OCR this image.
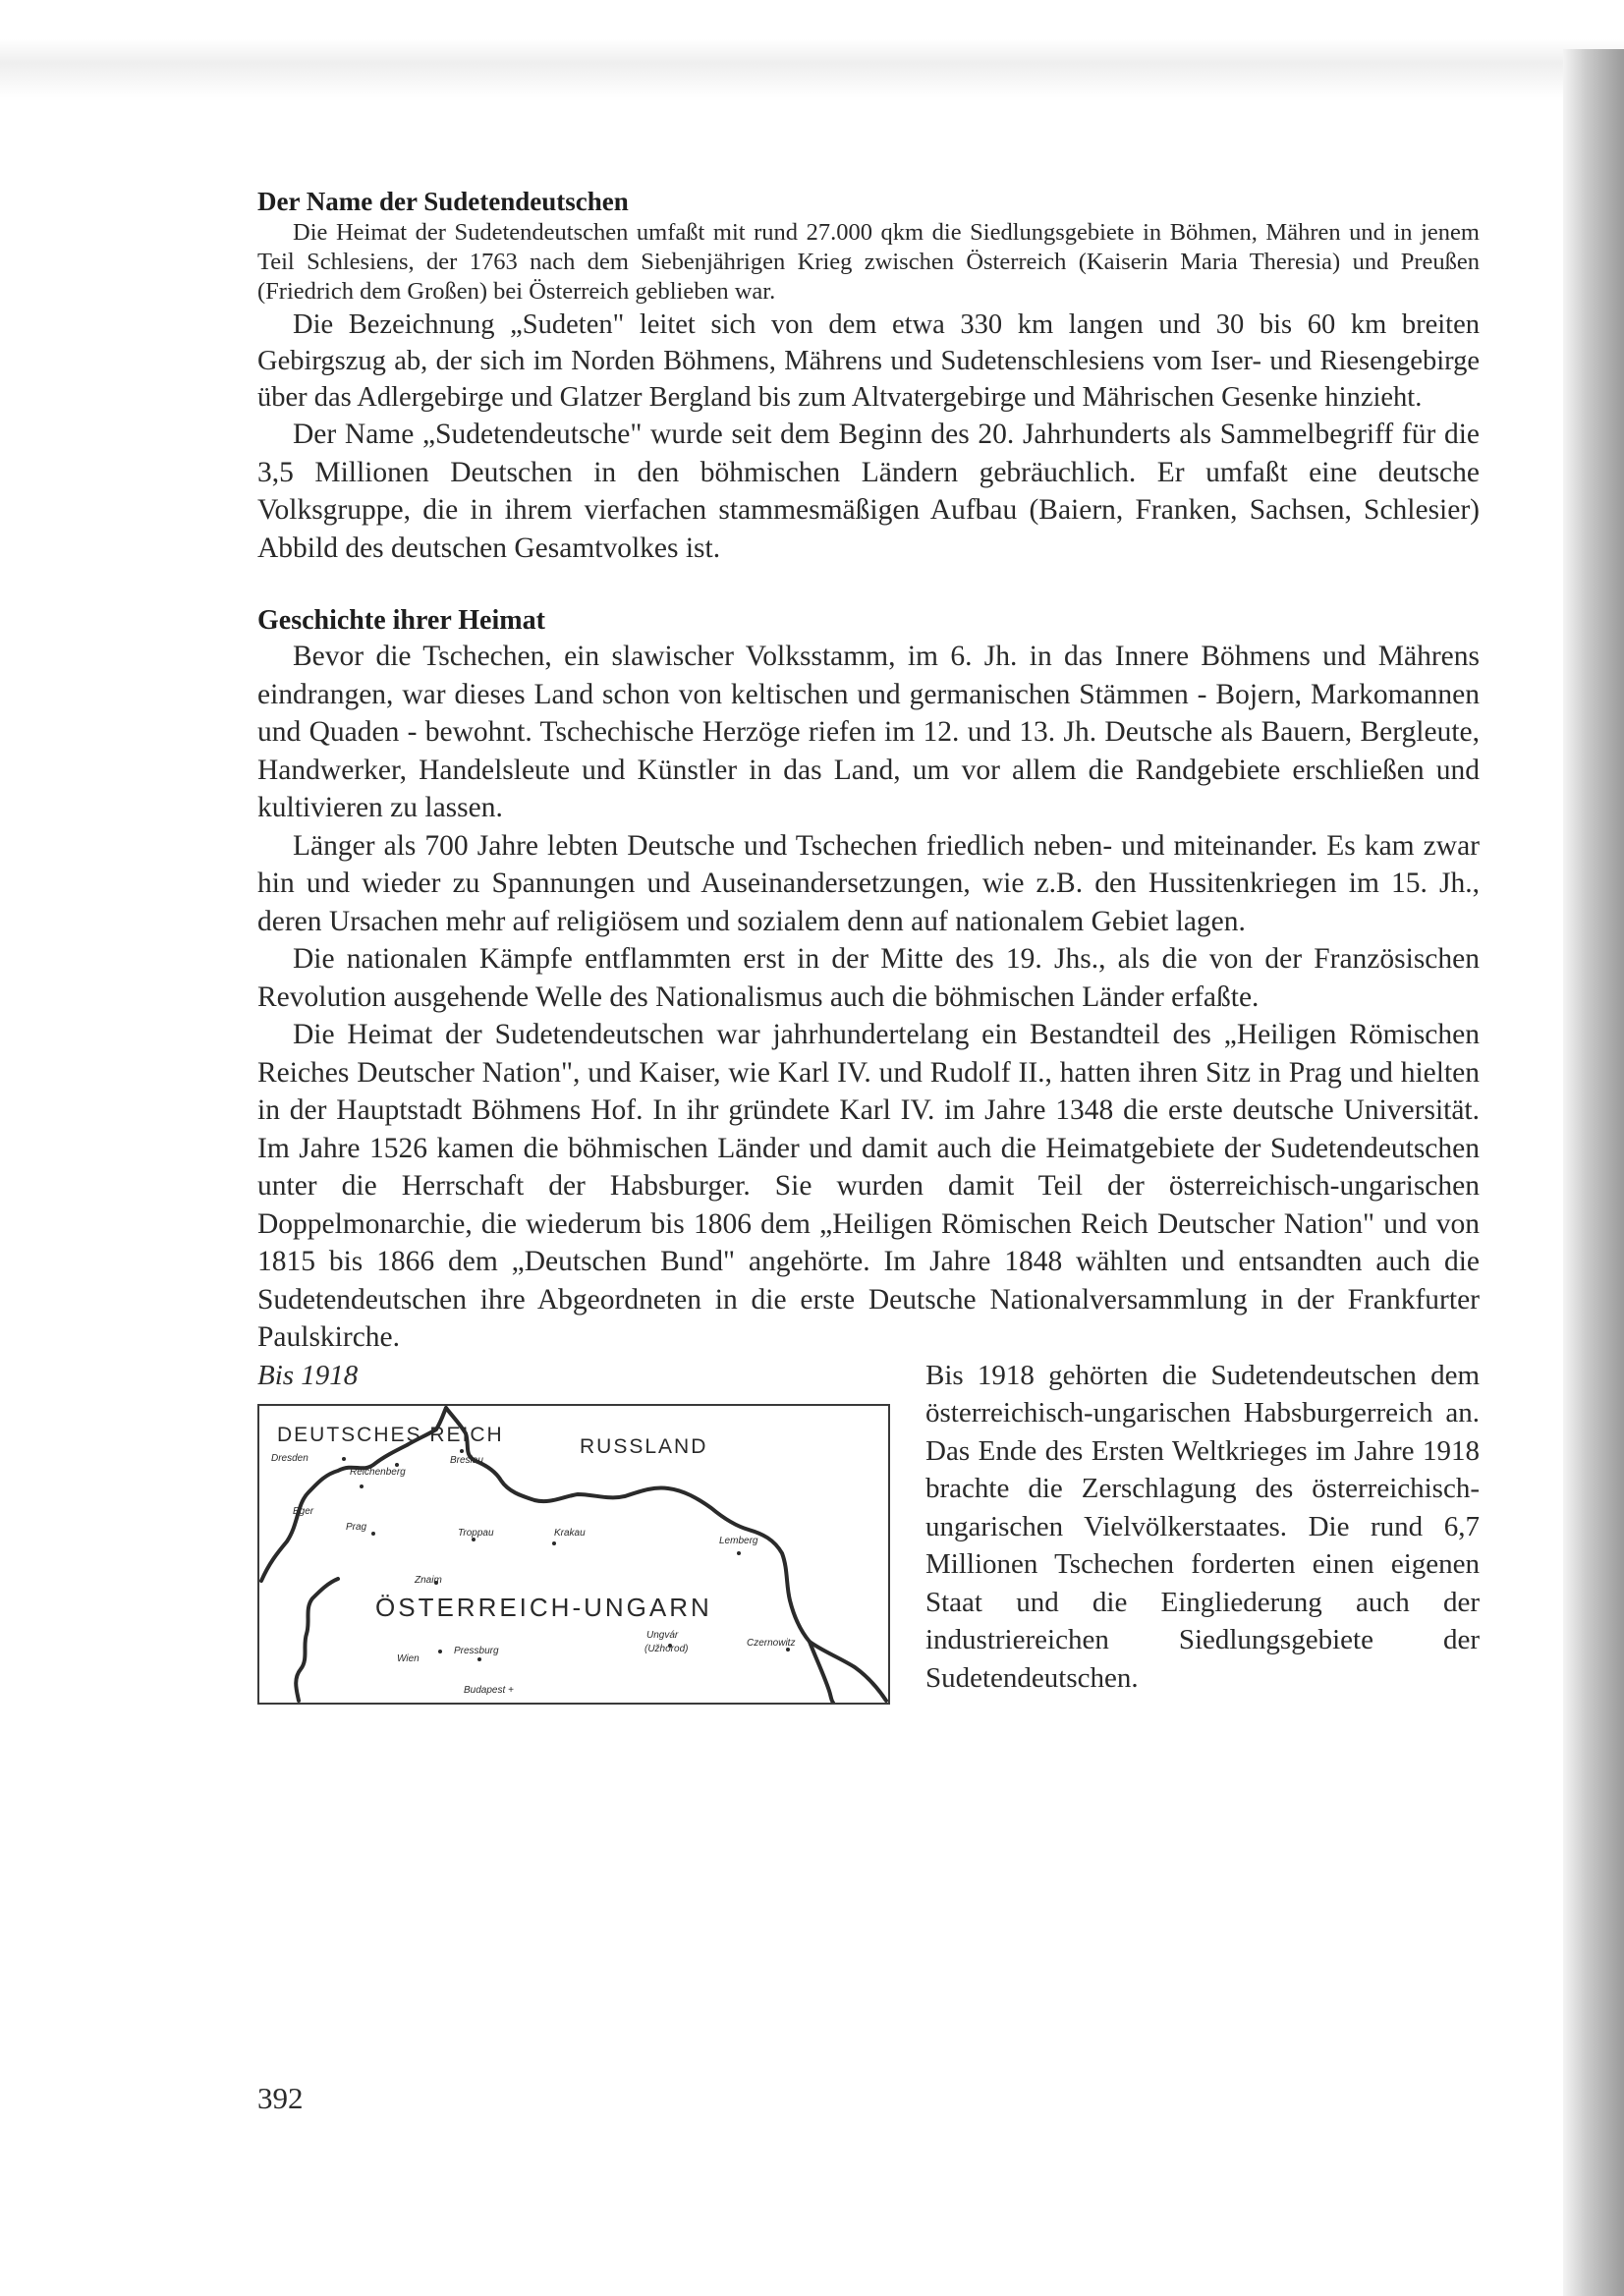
Der Name der Sudetendeutschen

Die Heimat der Sudetendeutschen umfaßt mit rund 27.000 qkm die Siedlungsgebiete in Böhmen, Mähren und in jenem Teil Schlesiens, der 1763 nach dem Siebenjährigen Krieg zwischen Österreich (Kaiserin Maria Theresia) und Preußen (Friedrich dem Großen) bei Österreich geblieben war.

Die Bezeichnung „Sudeten" leitet sich von dem etwa 330 km langen und 30 bis 60 km breiten Gebirgszug ab, der sich im Norden Böhmens, Mährens und Sudetenschlesiens vom Iser- und Riesengebirge über das Adlergebirge und Glatzer Bergland bis zum Altvatergebirge und Mährischen Gesenke hinzieht.

Der Name „Sudetendeutsche" wurde seit dem Beginn des 20. Jahrhunderts als Sammelbegriff für die 3,5 Millionen Deutschen in den böhmischen Ländern gebräuchlich. Er umfaßt eine deutsche Volksgruppe, die in ihrem vierfachen stammesmäßigen Aufbau (Baiern, Franken, Sachsen, Schlesier) Abbild des deutschen Gesamtvolkes ist.

Geschichte ihrer Heimat

Bevor die Tschechen, ein slawischer Volksstamm, im 6. Jh. in das Innere Böhmens und Mährens eindrangen, war dieses Land schon von keltischen und germanischen Stämmen - Bojern, Markomannen und Quaden - bewohnt. Tschechische Herzöge riefen im 12. und 13. Jh. Deutsche als Bauern, Bergleute, Handwerker, Handelsleute und Künstler in das Land, um vor allem die Randgebiete erschließen und kultivieren zu lassen.

Länger als 700 Jahre lebten Deutsche und Tschechen friedlich neben- und miteinander. Es kam zwar hin und wieder zu Spannungen und Auseinandersetzungen, wie z.B. den Hussitenkriegen im 15. Jh., deren Ursachen mehr auf religiösem und sozialem denn auf nationalem Gebiet lagen.

Die nationalen Kämpfe entflammten erst in der Mitte des 19. Jhs., als die von der Französischen Revolution ausgehende Welle des Nationalismus auch die böhmischen Länder erfaßte.

Die Heimat der Sudetendeutschen war jahrhundertelang ein Bestandteil des „Heiligen Römischen Reiches Deutscher Nation", und Kaiser, wie Karl IV. und Rudolf II., hatten ihren Sitz in Prag und hielten in der Hauptstadt Böhmens Hof. In ihr gründete Karl IV. im Jahre 1348 die erste deutsche Universität. Im Jahre 1526 kamen die böhmischen Länder und damit auch die Heimatgebiete der Sudetendeutschen unter die Herrschaft der Habsburger. Sie wurden damit Teil der österreichisch-ungarischen Doppelmonarchie, die wiederum bis 1806 dem „Heiligen Römischen Reich Deutscher Nation" und von 1815 bis 1866 dem „Deutschen Bund" angehörte. Im Jahre 1848 wählten und entsandten auch die Sudetendeutschen ihre Abgeordneten in die erste Deutsche Nationalversammlung in der Frankfurter Paulskirche.

Bis 1918
DEUTSCHES REICH
RUSSLAND
ÖSTERREICH-UNGARN
Dresden	Breslau
Reichenberg
Eger
Prag
Troppau	Krakau
Lemberg
Znaim
Wien
Pressburg
Ungvár
(Užhorod)
Czernowitz
Budapest +

Bis 1918 gehörten die Sudetendeutschen dem österreichisch-ungarischen Habsburgerreich an. Das Ende des Ersten Weltkrieges im Jahre 1918 brachte die Zerschlagung des österreichisch-ungarischen Vielvölkerstaates. Die rund 6,7 Millionen Tschechen forderten einen eigenen Staat und die Eingliederung auch der industriereichen Siedlungsgebiete der Sudetendeutschen.

392
